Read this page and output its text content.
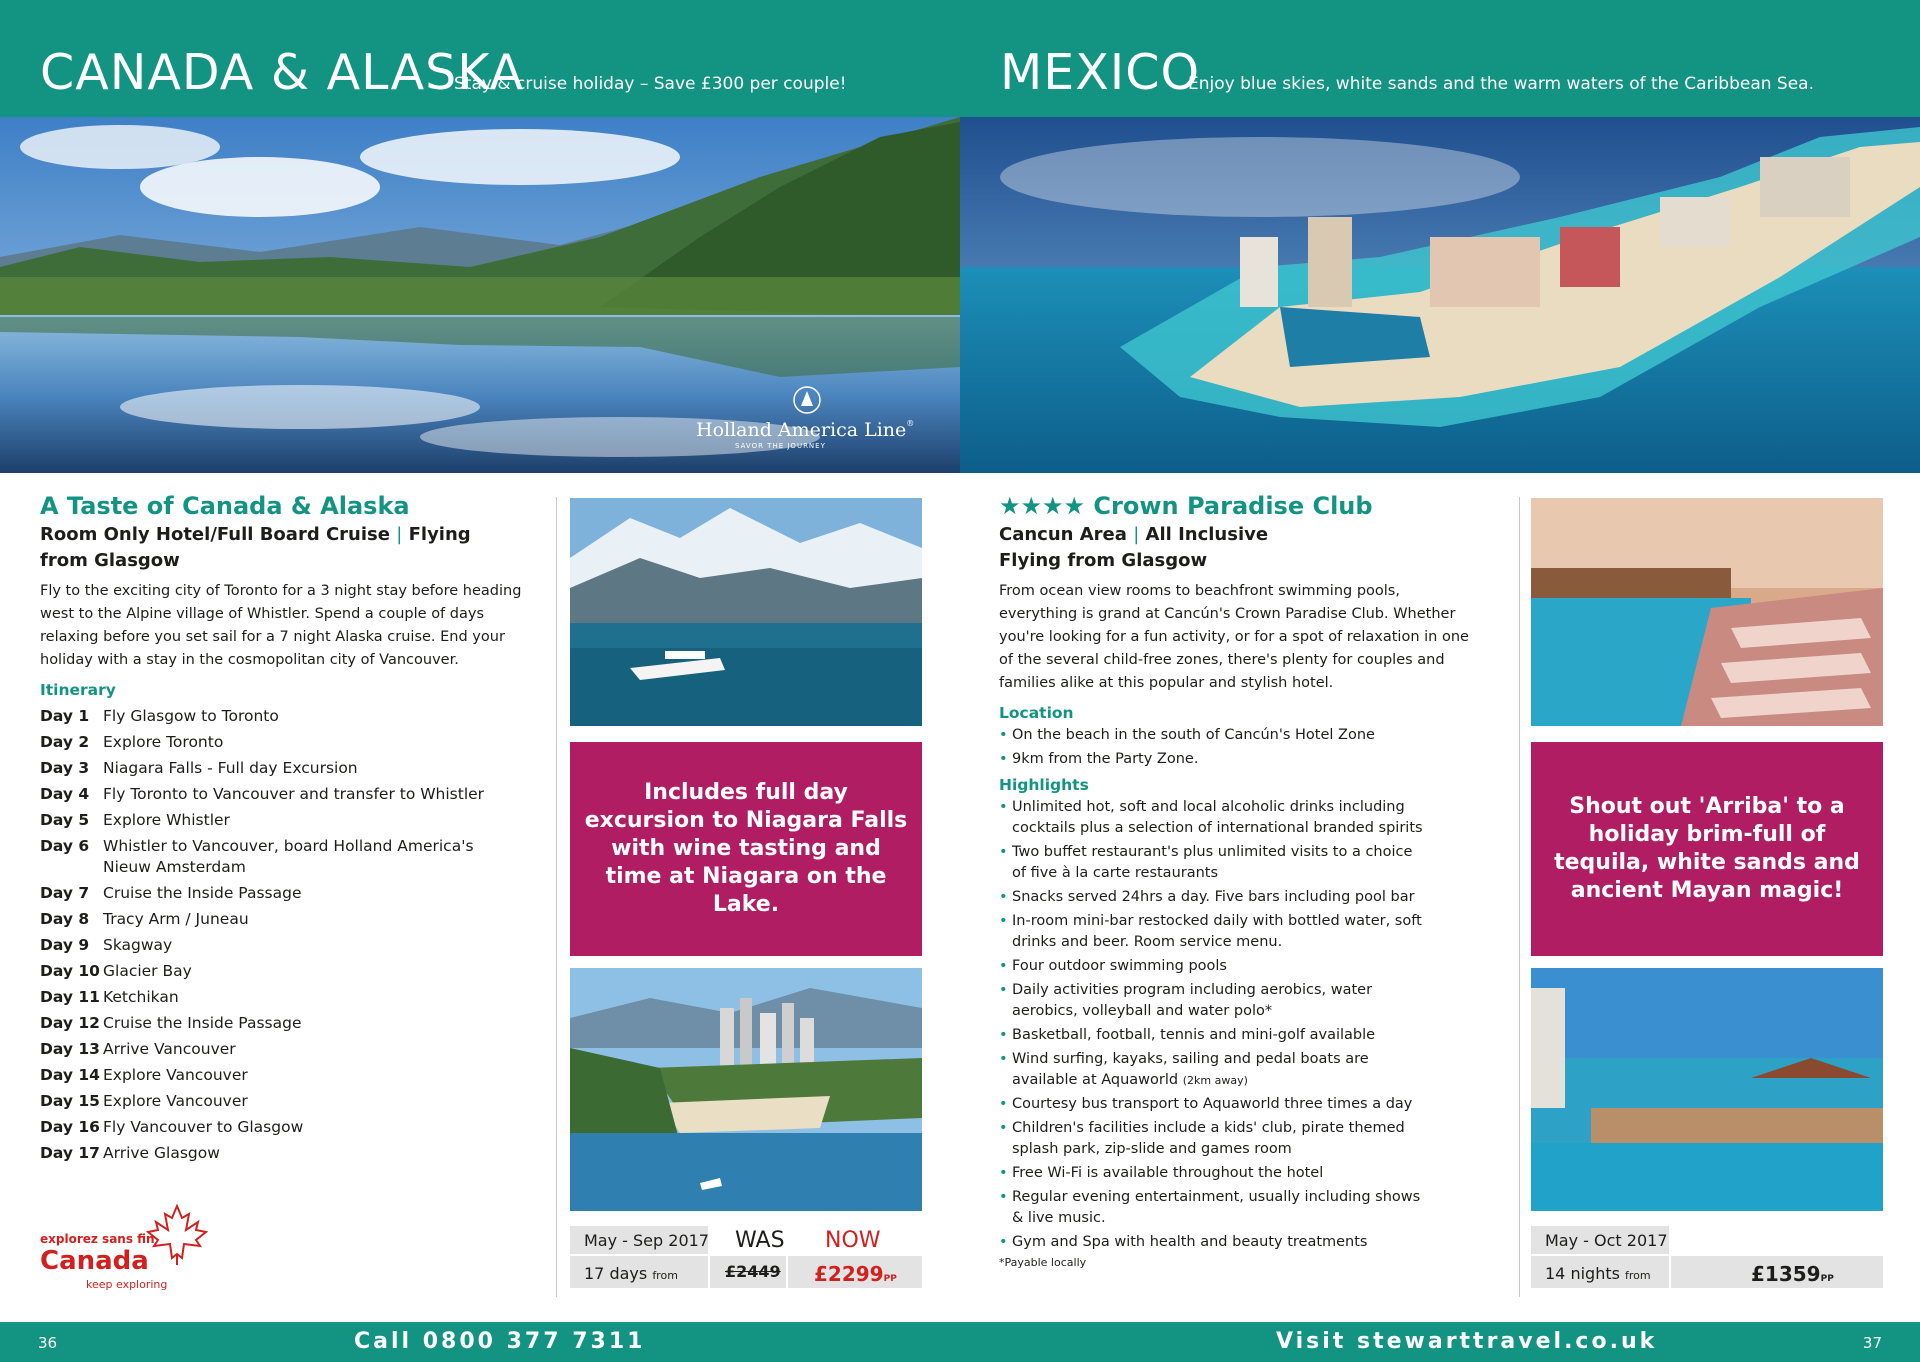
CANADA & ALASKA
Stay & cruise holiday – Save £300 per couple!
Holland America Line®
SAVOR THE JOURNEY
A Taste of Canada & Alaska
Room Only Hotel/Full Board Cruise | Flying
from Glasgow
Fly to the exciting city of Toronto for a 3 night stay before heading west to the Alpine village of Whistler. Spend a couple of days relaxing before you set sail for a 7 night Alaska cruise. End your holiday with a stay in the cosmopolitan city of Vancouver.
Itinerary
Day 1 Fly Glasgow to Toronto
Day 2 Explore Toronto
Day 3 Niagara Falls - Full day Excursion
Day 4 Fly Toronto to Vancouver and transfer to Whistler
Day 5 Explore Whistler
Day 6 Whistler to Vancouver, board Holland America's Nieuw Amsterdam
Day 7 Cruise the Inside Passage
Day 8 Tracy Arm / Juneau
Day 9 Skagway
Day 10 Glacier Bay
Day 11 Ketchikan
Day 12 Cruise the Inside Passage
Day 13 Arrive Vancouver
Day 14 Explore Vancouver
Day 15 Explore Vancouver
Day 16 Fly Vancouver to Glasgow
Day 17 Arrive Glasgow
explorez sans fin
Canada
keep exploring
Includes full day excursion to Niagara Falls with wine tasting and time at Niagara on the Lake.
May - Sep 2017 WAS NOW
17 days from	£2449 £2299PP
36	Call 0800 377 7311
MEXICO
Enjoy blue skies, white sands and the warm waters of the Caribbean Sea.
★★★★ Crown Paradise Club
Cancun Area | All Inclusive
Flying from Glasgow
From ocean view rooms to beachfront swimming pools, everything is grand at Cancún's Crown Paradise Club. Whether you're looking for a fun activity, or for a spot of relaxation in one of the several child-free zones, there's plenty for couples and families alike at this popular and stylish hotel.
Location
• On the beach in the south of Cancún's Hotel Zone
• 9km from the Party Zone.
Highlights
• Unlimited hot, soft and local alcoholic drinks including cocktails plus a selection of international branded spirits
• Two buffet restaurant's plus unlimited visits to a choice of five à la carte restaurants
• Snacks served 24hrs a day. Five bars including pool bar
• In-room mini-bar restocked daily with bottled water, soft drinks and beer. Room service menu.
• Four outdoor swimming pools
• Daily activities program including aerobics, water aerobics, volleyball and water polo*
• Basketball, football, tennis and mini-golf available
• Wind surfing, kayaks, sailing and pedal boats are available at Aquaworld (2km away)
• Courtesy bus transport to Aquaworld three times a day
• Children's facilities include a kids' club, pirate themed splash park, zip-slide and games room
• Free Wi-Fi is available throughout the hotel
• Regular evening entertainment, usually including shows & live music.
• Gym and Spa with health and beauty treatments
*Payable locally
Shout out 'Arriba' to a holiday brim-full of tequila, white sands and ancient Mayan magic!
May - Oct 2017
14 nights from	£1359PP
Visit stewarttravel.co.uk	37
